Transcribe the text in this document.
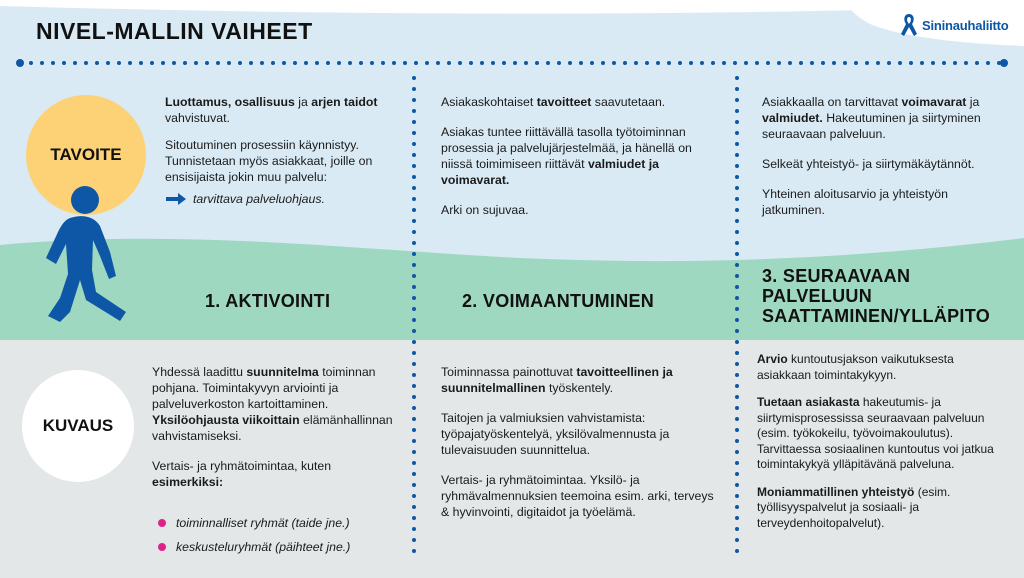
NIVEL-MALLIN VAIHEET	Sininauhaliitto
TAVOITE
KUVAUS

Luottamus, osallisuus ja arjen taidot vahvistuvat.

Sitoutuminen prosessiin käynnistyy. Tunnistetaan myös asiakkaat, joille on ensisijaista jokin muu palvelu:

tarvittava palveluohjaus.

Asiakaskohtaiset tavoitteet saavutetaan.

Asiakas tuntee riittävällä tasolla työtoiminnan prosessia ja palvelujärjestelmää, ja hänellä on niissä toimimiseen riittävät valmiudet ja voimavarat.

Arki on sujuvaa.

Asiakkaalla on tarvittavat voimavarat ja valmiudet. Hakeutuminen ja siirtyminen seuraavaan palveluun.

Selkeät yhteistyö- ja siirtymäkäytännöt.

Yhteinen aloitusarvio ja yhteistyön jatkuminen.

1. AKTIVOINTI	2. VOIMAANTUMINEN
3. SEURAAVAAN PALVELUUN SAATTAMINEN/YLLÄPITO

Yhdessä laadittu suunnitelma toiminnan pohjana. Toimintakyvyn arviointi ja palveluverkoston kartoittaminen. Yksilöohjausta viikoittain elämänhallinnan vahvistamiseksi.

Vertais- ja ryhmätoimintaa, kuten esimerkiksi:

toiminnalliset ryhmät (taide jne.)
keskusteluryhmät (päihteet jne.)

Toiminnassa painottuvat tavoitteellinen ja suunnitelmallinen työskentely.

Taitojen ja valmiuksien vahvistamista: työpajatyöskentelyä, yksilövalmennusta ja tulevaisuuden suunnittelua.

Vertais- ja ryhmätoimintaa. Yksilö- ja ryhmävalmennuksien teemoina esim. arki, terveys & hyvinvointi, digitaidot ja työelämä.

Arvio kuntoutusjakson vaikutuksesta asiakkaan toimintakykyyn.

Tuetaan asiakasta hakeutumis- ja siirtymisprosessissa seuraavaan palveluun (esim. työkokeilu, työvoimakoulutus). Tarvittaessa sosiaalinen kuntoutus voi jatkua toimintakykyä ylläpitävänä palveluna.

Moniammatillinen yhteistyö (esim. työllisyyspalvelut ja sosiaali- ja terveydenhoitopalvelut).
